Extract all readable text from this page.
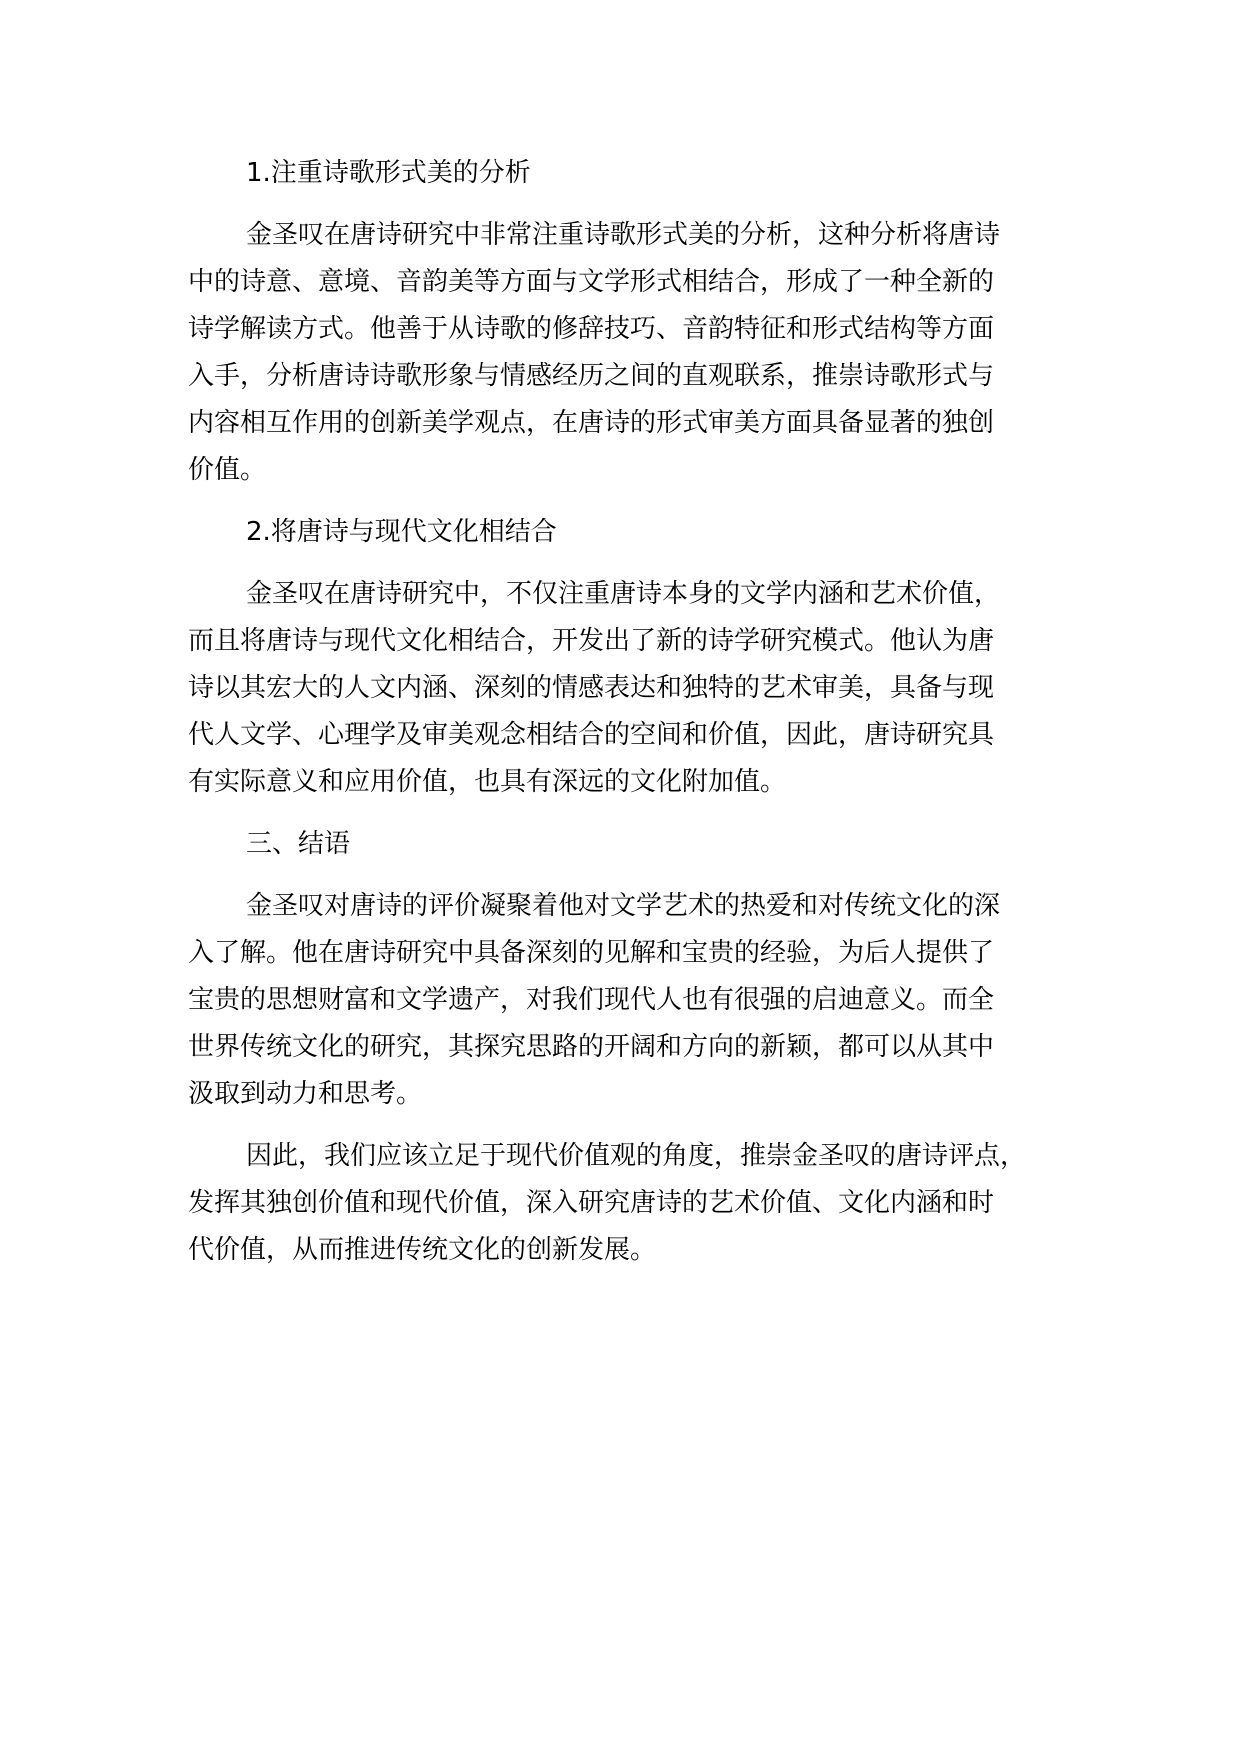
1.注重诗歌形式美的分析
金圣叹在唐诗研究中非常注重诗歌形式美的分析，这种分析将唐诗
中的诗意、意境、音韵美等方面与文学形式相结合，形成了一种全新的
诗学解读方式。他善于从诗歌的修辞技巧、音韵特征和形式结构等方面
入手，分析唐诗诗歌形象与情感经历之间的直观联系，推崇诗歌形式与
内容相互作用的创新美学观点，在唐诗的形式审美方面具备显著的独创
价值。
2.将唐诗与现代文化相结合
金圣叹在唐诗研究中，不仅注重唐诗本身的文学内涵和艺术价值，
而且将唐诗与现代文化相结合，开发出了新的诗学研究模式。他认为唐
诗以其宏大的人文内涵、深刻的情感表达和独特的艺术审美，具备与现
代人文学、心理学及审美观念相结合的空间和价值，因此，唐诗研究具
有实际意义和应用价值，也具有深远的文化附加值。
三、结语
金圣叹对唐诗的评价凝聚着他对文学艺术的热爱和对传统文化的深
入了解。他在唐诗研究中具备深刻的见解和宝贵的经验，为后人提供了
宝贵的思想财富和文学遗产，对我们现代人也有很强的启迪意义。而全
世界传统文化的研究，其探究思路的开阔和方向的新颖，都可以从其中
汲取到动力和思考。
因此，我们应该立足于现代价值观的角度，推崇金圣叹的唐诗评点，
发挥其独创价值和现代价值，深入研究唐诗的艺术价值、文化内涵和时
代价值，从而推进传统文化的创新发展。
